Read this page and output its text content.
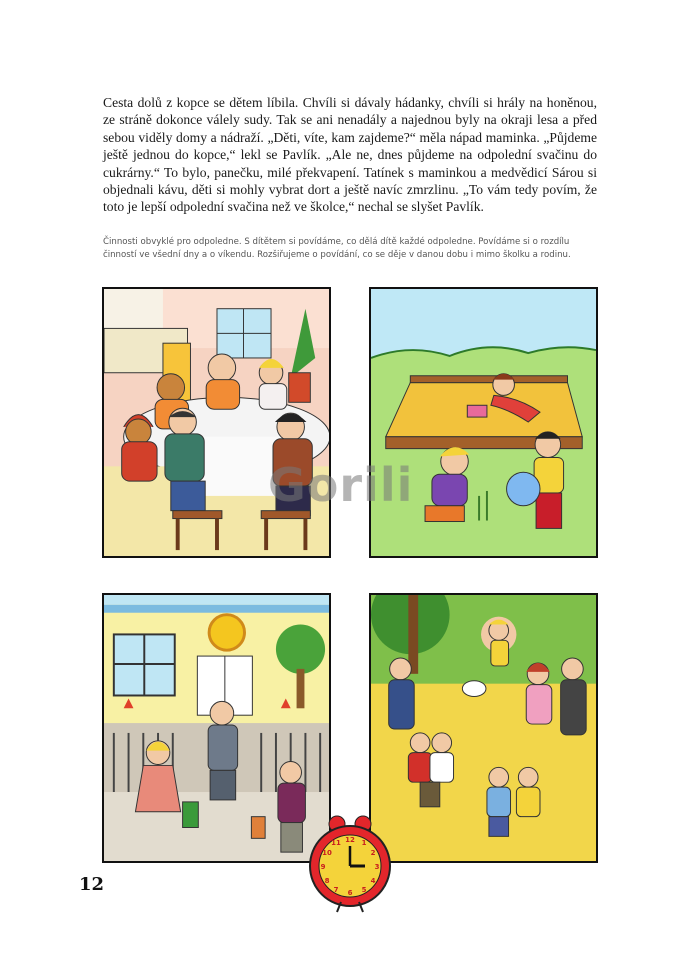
Cesta dolů z kopce se dětem líbila. Chvíli si dávaly hádanky, chvíli si hrály na honěnou, ze stráně dokonce válely sudy. Tak se ani nenadály a najednou byly na okraji lesa a před sebou viděly domy a nádraží. „Děti, víte, kam zajdeme?“ měla nápad maminka. „Půjdeme ještě jednou do kopce,“ lekl se Pavlík. „Ale ne, dnes půjdeme na odpolední svačinu do cukrárny.“ To bylo, panečku, milé překvapení. Tatínek s maminkou a medvědicí Sárou si objednali kávu, děti si mohly vybrat dort a ještě navíc zmrzlinu. „To vám tedy povím, že toto je lepší odpolední svačina než ve školce,“ nechal se slyšet Pavlík.

Činnosti obvyklé pro odpoledne. S dítětem si povídáme, co dělá dítě každé odpoledne. Povídáme si o rozdílu činností ve všední dny a o víkendu. Rozšiřujeme o povídání, co se děje v danou dobu i mimo školku a rodinu.

Gorili
12
12 1
2
3
4
5
6
7
8
9
10
11
